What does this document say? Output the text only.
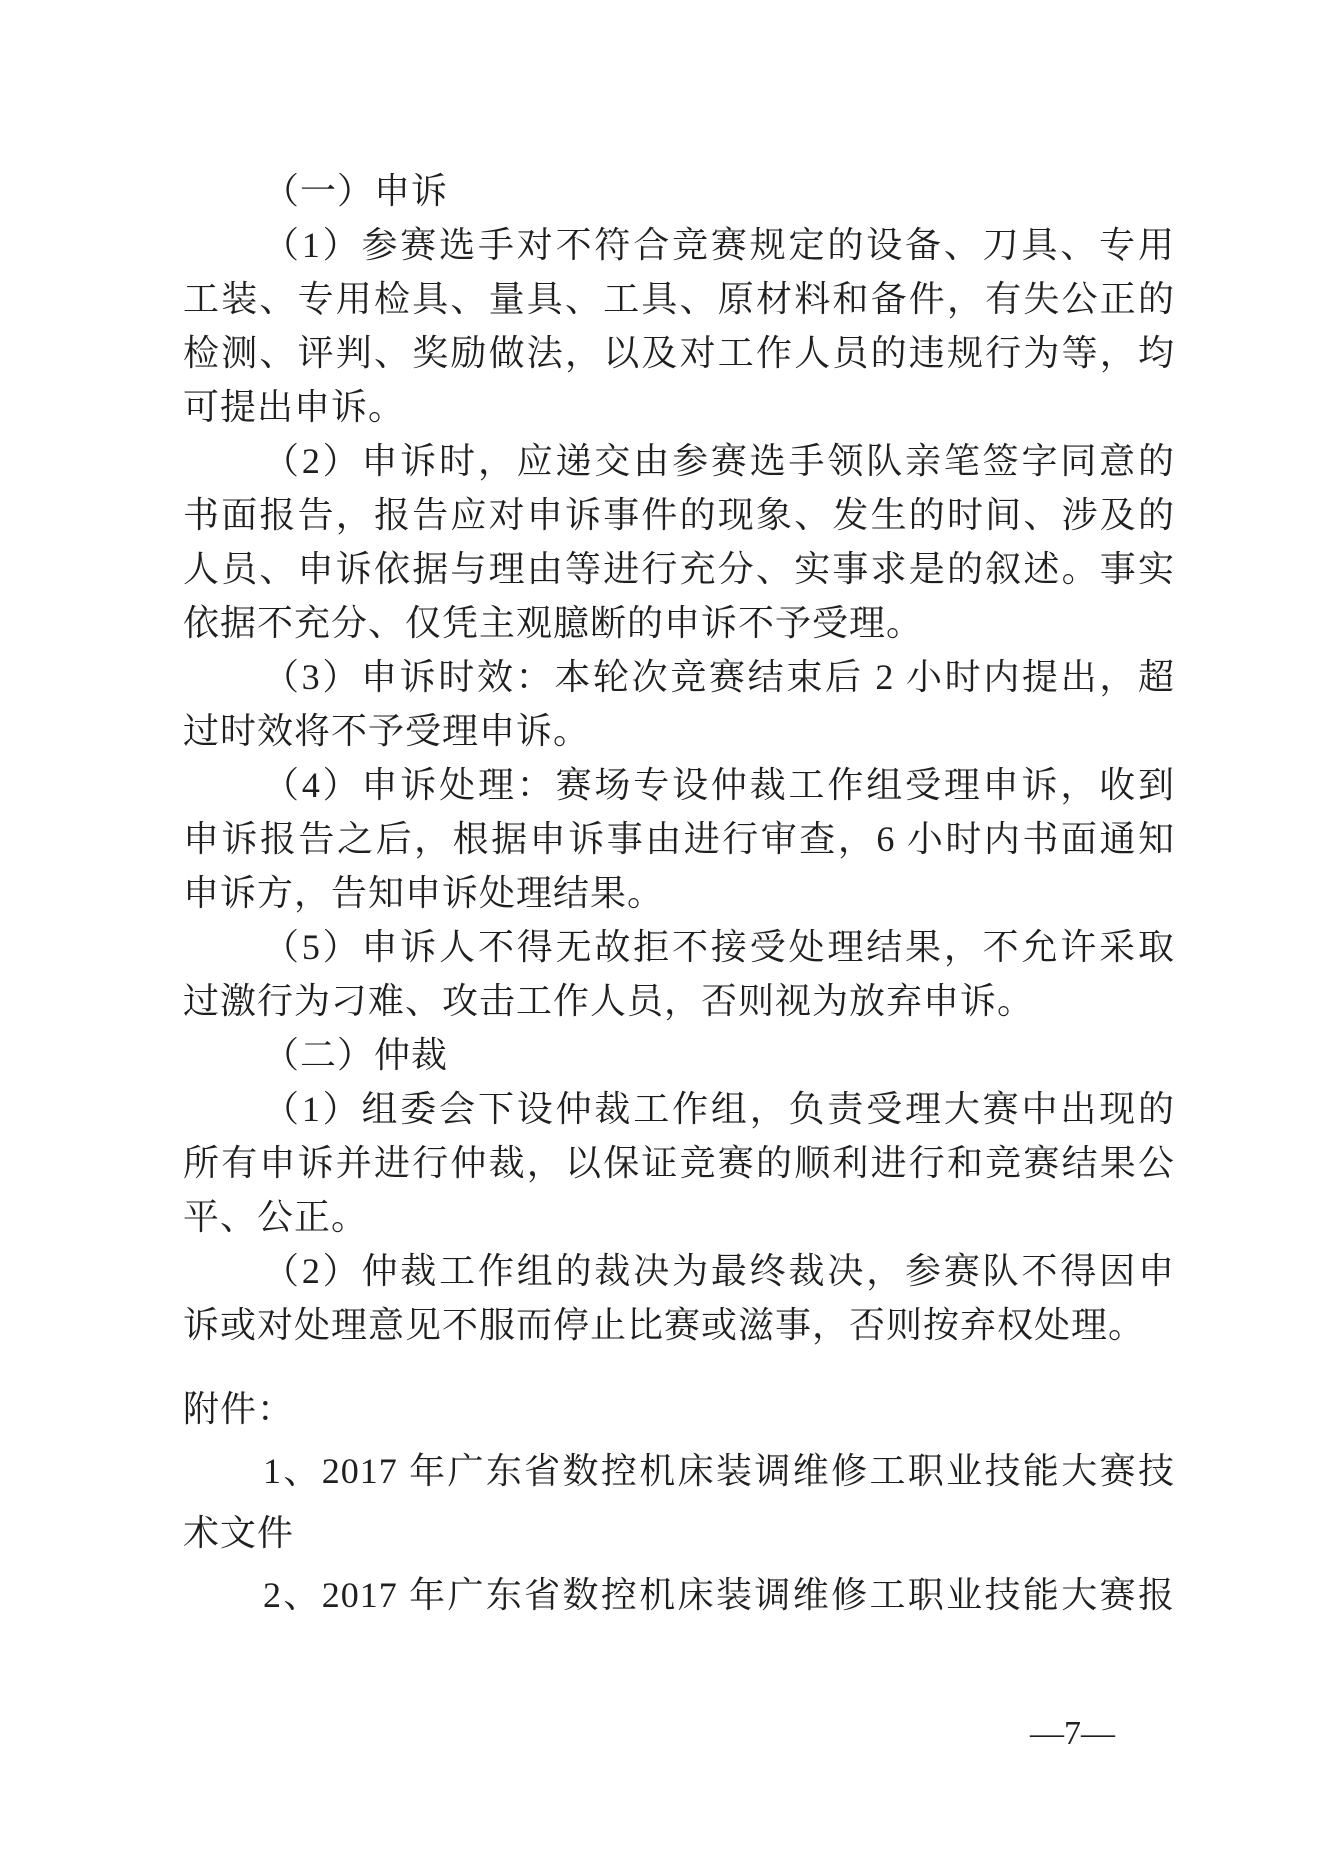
（一）申诉
（1）参赛选手对不符合竞赛规定的设备、刀具、专用
工装、专用检具、量具、工具、原材料和备件，有失公正的
检测、评判、奖励做法，以及对工作人员的违规行为等，均
可提出申诉。
（2）申诉时，应递交由参赛选手领队亲笔签字同意的
书面报告，报告应对申诉事件的现象、发生的时间、涉及的
人员、申诉依据与理由等进行充分、实事求是的叙述。事实
依据不充分、仅凭主观臆断的申诉不予受理。
（3）申诉时效：本轮次竞赛结束后 2 小时内提出，超
过时效将不予受理申诉。
（4）申诉处理：赛场专设仲裁工作组受理申诉，收到
申诉报告之后，根据申诉事由进行审查，6 小时内书面通知
申诉方，告知申诉处理结果。
（5）申诉人不得无故拒不接受处理结果，不允许采取
过激行为刁难、攻击工作人员，否则视为放弃申诉。
（二）仲裁
（1）组委会下设仲裁工作组，负责受理大赛中出现的
所有申诉并进行仲裁，以保证竞赛的顺利进行和竞赛结果公
平、公正。
（2）仲裁工作组的裁决为最终裁决，参赛队不得因申
诉或对处理意见不服而停止比赛或滋事，否则按弃权处理。
附件：
1、2017 年广东省数控机床装调维修工职业技能大赛技
术文件
2、2017 年广东省数控机床装调维修工职业技能大赛报
—7—
